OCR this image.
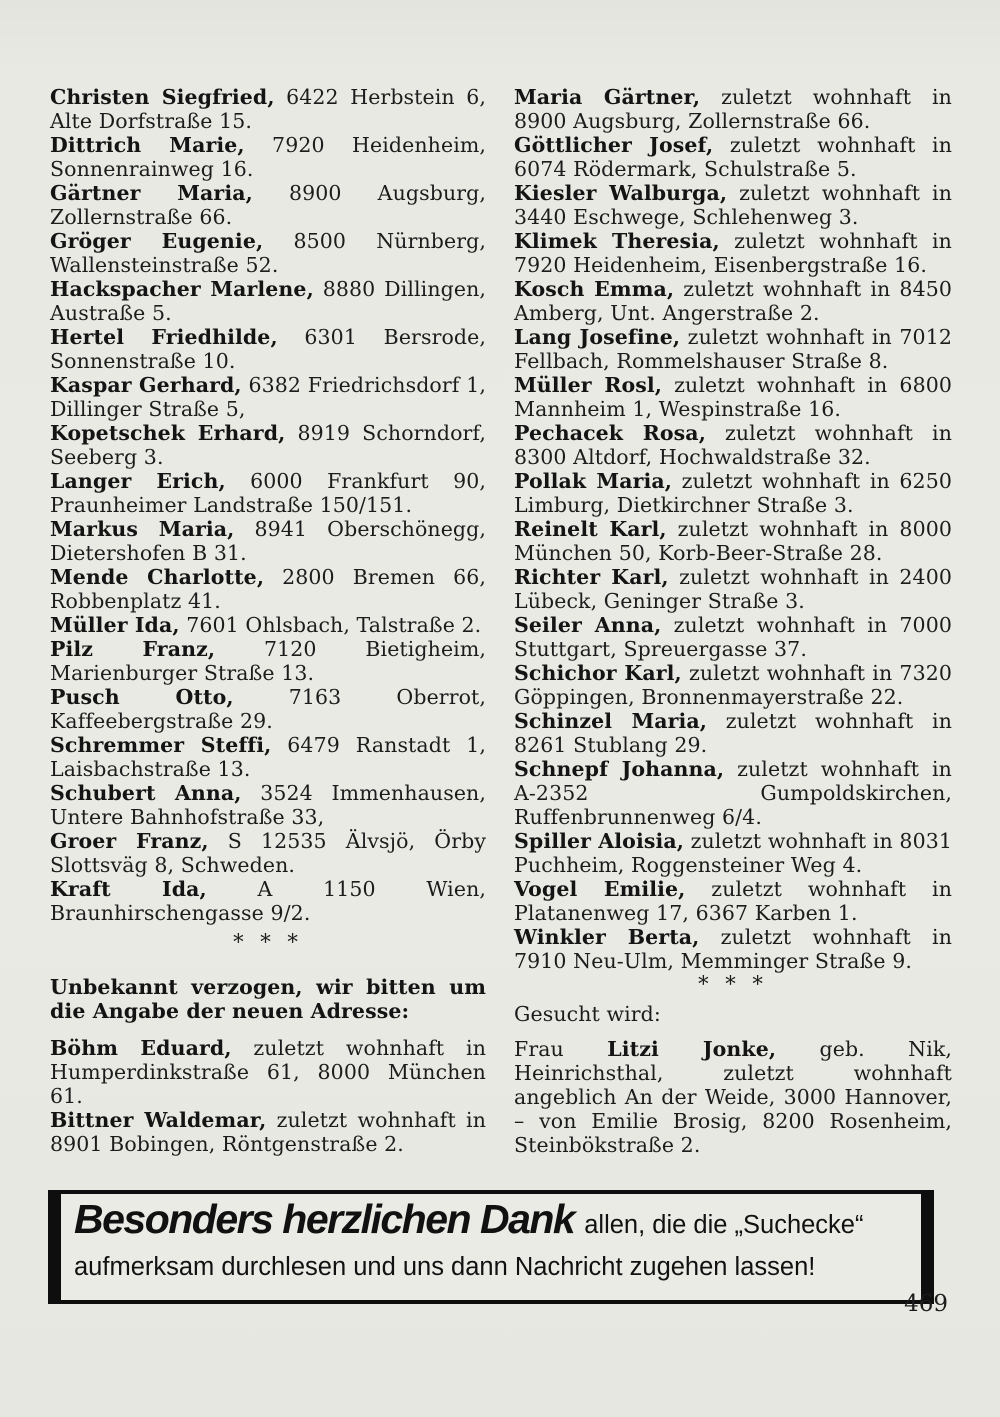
Christen Siegfried, 6422 Herbstein 6, Alte Dorfstraße 15.

Dittrich Marie, 7920 Heidenheim, Sonnenrainweg 16.

Gärtner Maria, 8900 Augsburg, Zollernstraße 66.

Gröger Eugenie, 8500 Nürnberg, Wallensteinstraße 52.

Hackspacher Marlene, 8880 Dillingen, Austraße 5.

Hertel Friedhilde, 6301 Bersrode, Sonnenstraße 10.

Kaspar Gerhard, 6382 Friedrichsdorf 1, Dillinger Straße 5,

Kopetschek Erhard, 8919 Schorndorf, Seeberg 3.

Langer Erich, 6000 Frankfurt 90, Praunheimer Landstraße 150/151.

Markus Maria, 8941 Oberschönegg, Dietershofen B 31.

Mende Charlotte, 2800 Bremen 66, Robbenplatz 41.

Müller Ida, 7601 Ohlsbach, Talstraße 2.

Pilz Franz, 7120 Bietigheim, Marienburger Straße 13.

Pusch Otto, 7163 Oberrot, Kaffeebergstraße 29.

Schremmer Steffi, 6479 Ranstadt 1, Laisbachstraße 13.

Schubert Anna, 3524 Immenhausen, Untere Bahnhofstraße 33,

Groer Franz, S 12535 Älvsjö, Örby Slottsväg 8, Schweden.

Kraft Ida, A 1150 Wien, Braunhirschengasse 9/2.

* * *

Unbekannt verzogen, wir bitten um die Angabe der neuen Adresse:

Böhm Eduard, zuletzt wohnhaft in Humperdinkstraße 61, 8000 München 61.

Bittner Waldemar, zuletzt wohnhaft in 8901 Bobingen, Röntgenstraße 2.

Maria Gärtner, zuletzt wohnhaft in 8900 Augsburg, Zollernstraße 66.

Göttlicher Josef, zuletzt wohnhaft in 6074 Rödermark, Schulstraße 5.

Kiesler Walburga, zuletzt wohnhaft in 3440 Eschwege, Schlehenweg 3.

Klimek Theresia, zuletzt wohnhaft in 7920 Heidenheim, Eisenbergstraße 16.

Kosch Emma, zuletzt wohnhaft in 8450 Amberg, Unt. Angerstraße 2.

Lang Josefine, zuletzt wohnhaft in 7012 Fellbach, Rommelshauser Straße 8.

Müller Rosl, zuletzt wohnhaft in 6800 Mannheim 1, Wespinstraße 16.

Pechacek Rosa, zuletzt wohnhaft in 8300 Altdorf, Hochwaldstraße 32.

Pollak Maria, zuletzt wohnhaft in 6250 Limburg, Dietkirchner Straße 3.

Reinelt Karl, zuletzt wohnhaft in 8000 München 50, Korb-Beer-Straße 28.

Richter Karl, zuletzt wohnhaft in 2400 Lübeck, Geninger Straße 3.

Seiler Anna, zuletzt wohnhaft in 7000 Stuttgart, Spreuergasse 37.

Schichor Karl, zuletzt wohnhaft in 7320 Göppingen, Bronnenmayerstraße 22.

Schinzel Maria, zuletzt wohnhaft in 8261 Stublang 29.

Schnepf Johanna, zuletzt wohnhaft in A-2352 Gumpoldskirchen, Ruffenbrunnenweg 6/4.

Spiller Aloisia, zuletzt wohnhaft in 8031 Puchheim, Roggensteiner Weg 4.

Vogel Emilie, zuletzt wohnhaft in Platanenweg 17, 6367 Karben 1.

Winkler Berta, zuletzt wohnhaft in 7910 Neu-Ulm, Memminger Straße 9.

* * *

Gesucht wird:

Frau Litzi Jonke, geb. Nik, Heinrichsthal, zuletzt wohnhaft angeblich An der Weide, 3000 Hannover, – von Emilie Brosig, 8200 Rosenheim, Steinbökstraße 2.

Besonders herzlichen Dank allen, die die „Suchecke“ aufmerksam durchlesen und uns dann Nachricht zugehen lassen!

469
